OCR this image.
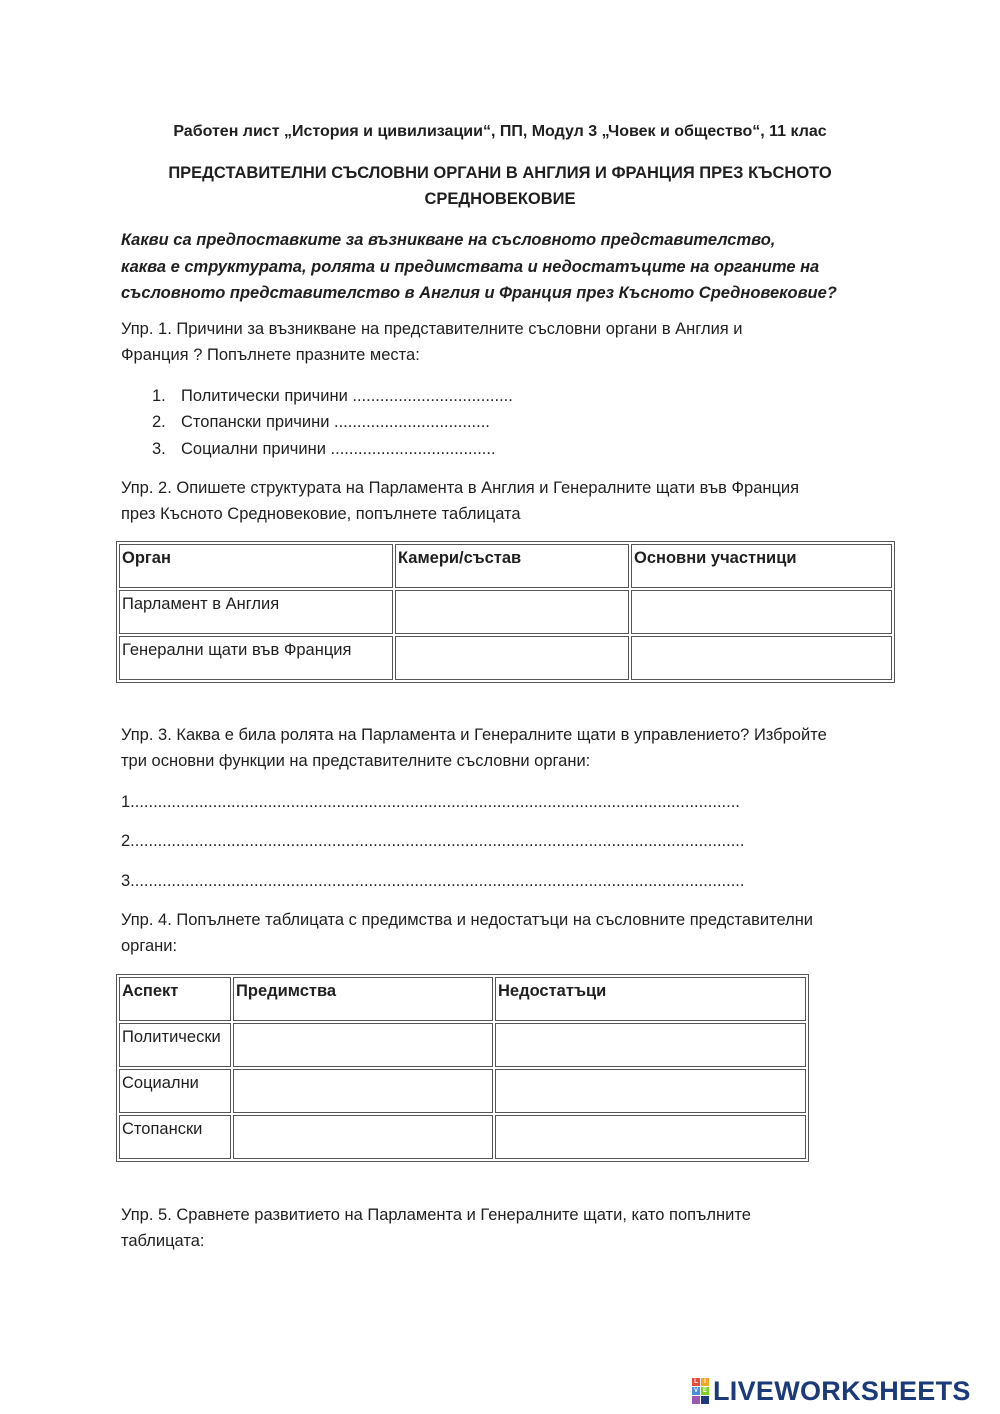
Работен лист „История и цивилизации“, ПП, Модул 3 „Човек и общество“, 11 клас
ПРЕДСТАВИТЕЛНИ СЪСЛОВНИ ОРГАНИ В АНГЛИЯ И ФРАНЦИЯ ПРЕЗ КЪСНОТО
СРЕДНОВЕКОВИЕ
Какви са предпоставките за възникване на съсловното представителство,
каква е структурата, ролята и предимствата и недостатъците на органите на
съсловното представителство в Англия и Франция през Късното Средновековие?
Упр. 1. Причини за възникване на представителните съсловни органи в Англия и
Франция ? Попълнете празните места:
1. Политически причини ...................................
2. Стопански причини ..................................
3. Социални причини ....................................
Упр. 2. Опишете структурата на Парламента в Англия и Генералните щати във Франция
през Късното Средновековие, попълнете таблицата
Орган	Камери/състав	Основни участници
Парламент в Англия		
Генерални щати във Франция		
Упр. 3. Каква е била ролята на Парламента и Генералните щати в управлението? Избройте
три основни функции на представителните съсловни органи:
1.....................................................................................................................................
2......................................................................................................................................
3......................................................................................................................................
Упр. 4. Попълнете таблицата с предимства и недостатъци на съсловните представителни
органи:
Аспект	Предимства	Недостатъци
Политически		
Социални		
Стопански		
Упр. 5. Сравнете развитието на Парламента и Генералните щати, като попълните
таблицата:
L	I
V E LIVEWORKSHEETS
